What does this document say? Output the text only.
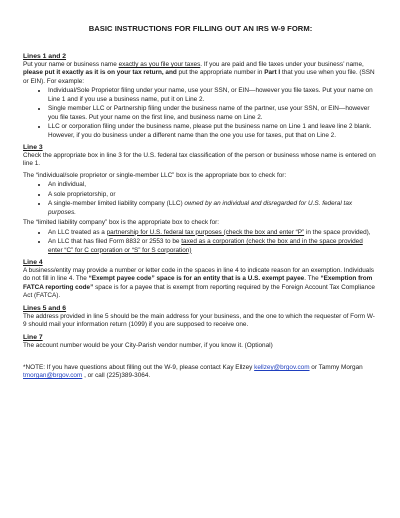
BASIC INSTRUCTIONS FOR FILLING OUT AN IRS W-9 FORM:
Lines 1 and 2

Put your name or business name exactly as you file your taxes. If you are paid and file taxes under your business’ name, please put it exactly as it is on your tax return, and put the appropriate number in Part I that you use when you file. (SSN or EIN). For example:

• Individual/Sole Proprietor filing under your name, use your SSN, or EIN—however you file taxes. Put your name on Line 1 and if you use a business name, put it on Line 2.
• Single member LLC or Partnership filing under the business name of the partner, use your SSN, or EIN—however you file taxes. Put your name on the first line, and business name on Line 2.
• LLC or corporation filing under the business name, please put the business name on Line 1 and leave line 2 blank. However, if you do business under a different name than the one you use for taxes, put that on Line 2.
Line 3

Check the appropriate box in line 3 for the U.S. federal tax classification of the person or business whose name is entered on line 1.

The “individual/sole proprietor or single-member LLC” box is the appropriate box to check for:

• An individual,
• A sole proprietorship, or
• A single-member limited liability company (LLC) owned by an individual and disregarded for U.S. federal tax purposes.

The “limited liability company” box is the appropriate box to check for:

• An LLC treated as a partnership for U.S. federal tax purposes (check the box and enter “P” in the space provided),
• An LLC that has filed Form 8832 or 2553 to be taxed as a corporation (check the box and in the space provided enter “C” for C corporation or “S” for S corporation)
Line 4

A business/entity may provide a number or letter code in the spaces in line 4 to indicate reason for an exemption. Individuals do not fill in line 4. The “Exempt payee code” space is for an entity that is a U.S. exempt payee. The “Exemption from FATCA reporting code” space is for a payee that is exempt from reporting required by the Foreign Account Tax Compliance Act (FATCA).

Lines 5 and 6

The address provided in line 5 should be the main address for your business, and the one to which the requester of Form W-9 should mail your information return (1099) if you are supposed to receive one.

Line 7

The account number would be your City-Parish vendor number, if you know it. (Optional)

*NOTE: If you have questions about filling out the W-9, please contact Kay Ellzey kellzey@brgov.com or Tammy Morgan tmorgan@brgov.com , or call (225)389-3064.
